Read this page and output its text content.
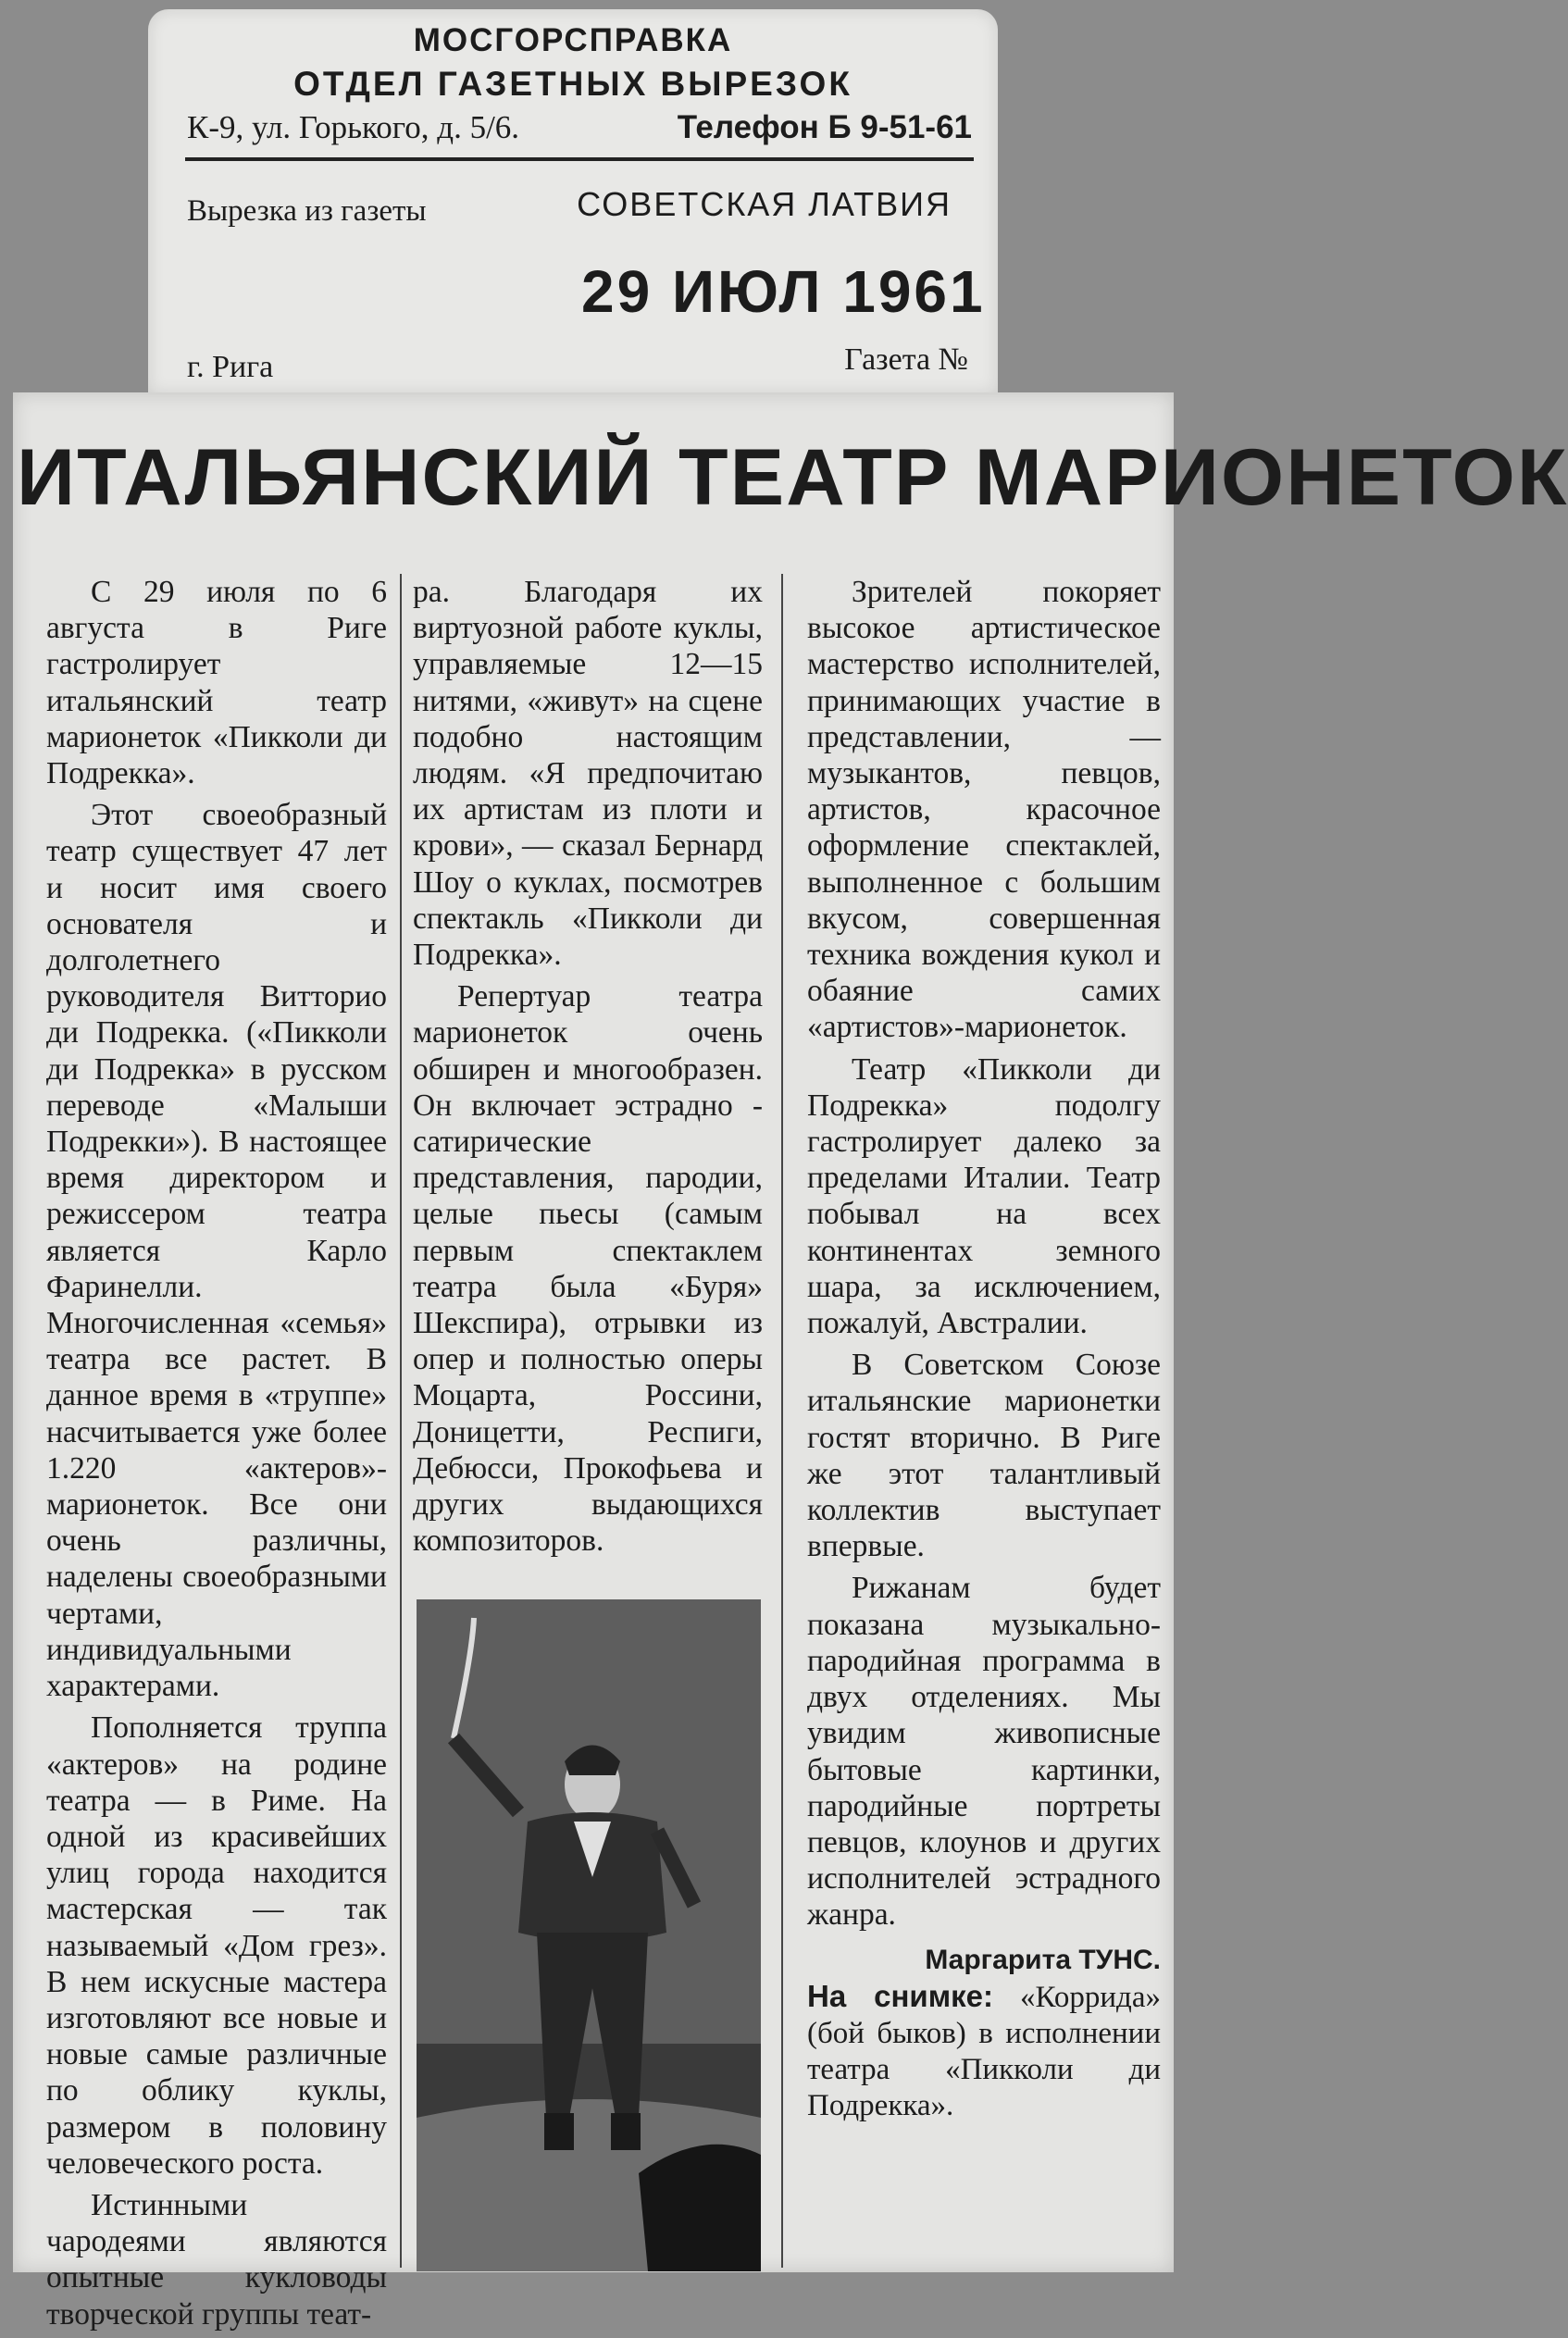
МОСГОРСПРАВКА
ОТДЕЛ ГАЗЕТНЫХ ВЫРЕЗОК
К-9, ул. Горького, д. 5/6.	Телефон Б 9-51-61
Вырезка из газеты	СОВЕТСКАЯ ЛАТВИЯ
29 ИЮЛ 1961
г. Рига	Газета №
ИТАЛЬЯНСКИЙ ТЕАТР МАРИОНЕТОК

С 29 июля по 6 августа в Риге гастролирует итальянский театр марионеток «Пикколи ди Подрекка».

Этот своеобразный театр существует 47 лет и носит имя своего основателя и долголетнего руководителя Витторио ди Подрекка. («Пикколи ди Подрекка» в русском переводе «Малыши Подрекки»). В настоящее время директором и режиссером театра является Карло Фаринелли. Многочисленная «семья» театра все растет. В данное время в «труппе» насчитывается уже более 1.220 «актеров»-марионеток. Все они очень различны, наделены своеобразными чертами, индивидуальными характерами.

Пополняется труппа «актеров» на родине театра — в Риме. На одной из красивейших улиц города находится мастерская — так называемый «Дом грез». В нем искусные мастера изготовляют все новые и новые самые различные по облику куклы, размером в половину человеческого роста.

Истинными чародеями являются опытные кукловоды творческой группы теат-

ра. Благодаря их виртуозной работе куклы, управляемые 12—15 нитями, «живут» на сцене подобно настоящим людям. «Я предпочитаю их артистам из плоти и крови», — сказал Бернард Шоу о куклах, посмотрев спектакль «Пикколи ди Подрекка».

Репертуар театра марионеток очень обширен и многообразен. Он включает эстрадно - сатирические представления, пародии, целые пьесы (самым первым спектаклем театра была «Буря» Шекспира), отрывки из опер и полностью оперы Моцарта, Россини, Доницетти, Респиги, Дебюсси, Прокофьева и других выдающихся композиторов.

Зрителей покоряет высокое артистическое мастерство исполнителей, принимающих участие в представлении, — музыкантов, певцов, артистов, красочное оформление спектаклей, выполненное с большим вкусом, совершенная техника вождения кукол и обаяние самих «артистов»-марионеток.

Театр «Пикколи ди Подрекка» подолгу гастролирует далеко за пределами Италии. Театр побывал на всех континентах земного шара, за исключением, пожалуй, Австралии.

В Советском Союзе итальянские марионетки гостят вторично. В Риге же этот талантливый коллектив выступает впервые.

Рижанам будет показана музыкально-пародийная программа в двух отделениях. Мы увидим живописные бытовые картинки, пародийные портреты певцов, клоунов и других исполнителей эстрадного жанра.

Маргарита ТУНС.

На снимке: «Коррида» (бой быков) в исполнении театра «Пикколи ди Подрекка».
